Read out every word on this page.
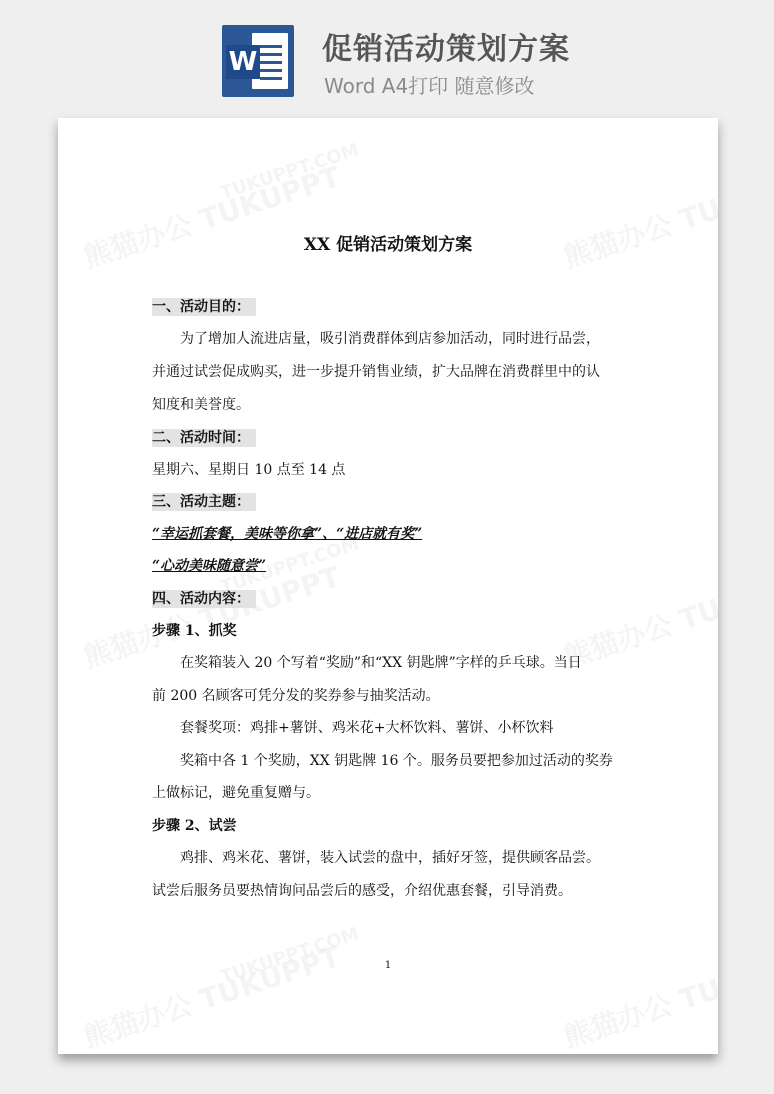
W 促销活动策划方案
Word A4打印 随意修改
XX 促销活动策划方案
一、活动目的：
为了增加人流进店量，吸引消费群体到店参加活动，同时进行品尝，
并通过试尝促成购买，进一步提升销售业绩，扩大品牌在消费群里中的认
知度和美誉度。
二、活动时间：
星期六、星期日 10 点至 14 点
三、活动主题：
“幸运抓套餐，美味等你拿”、“进店就有奖”
“心动美味随意尝”
四、活动内容：
步骤 1、抓奖
在奖箱装入 20 个写着“奖励”和“XX 钥匙牌”字样的乒乓球。当日
前 200 名顾客可凭分发的奖券参与抽奖活动。
套餐奖项：鸡排+薯饼、鸡米花+大杯饮料、薯饼、小杯饮料
奖箱中各 1 个奖励，XX 钥匙牌 16 个。服务员要把参加过活动的奖券
上做标记，避免重复赠与。
步骤 2、试尝
鸡排、鸡米花、薯饼，装入试尝的盘中，插好牙签，提供顾客品尝。
试尝后服务员要热情询问品尝后的感受，介绍优惠套餐，引导消费。
1
